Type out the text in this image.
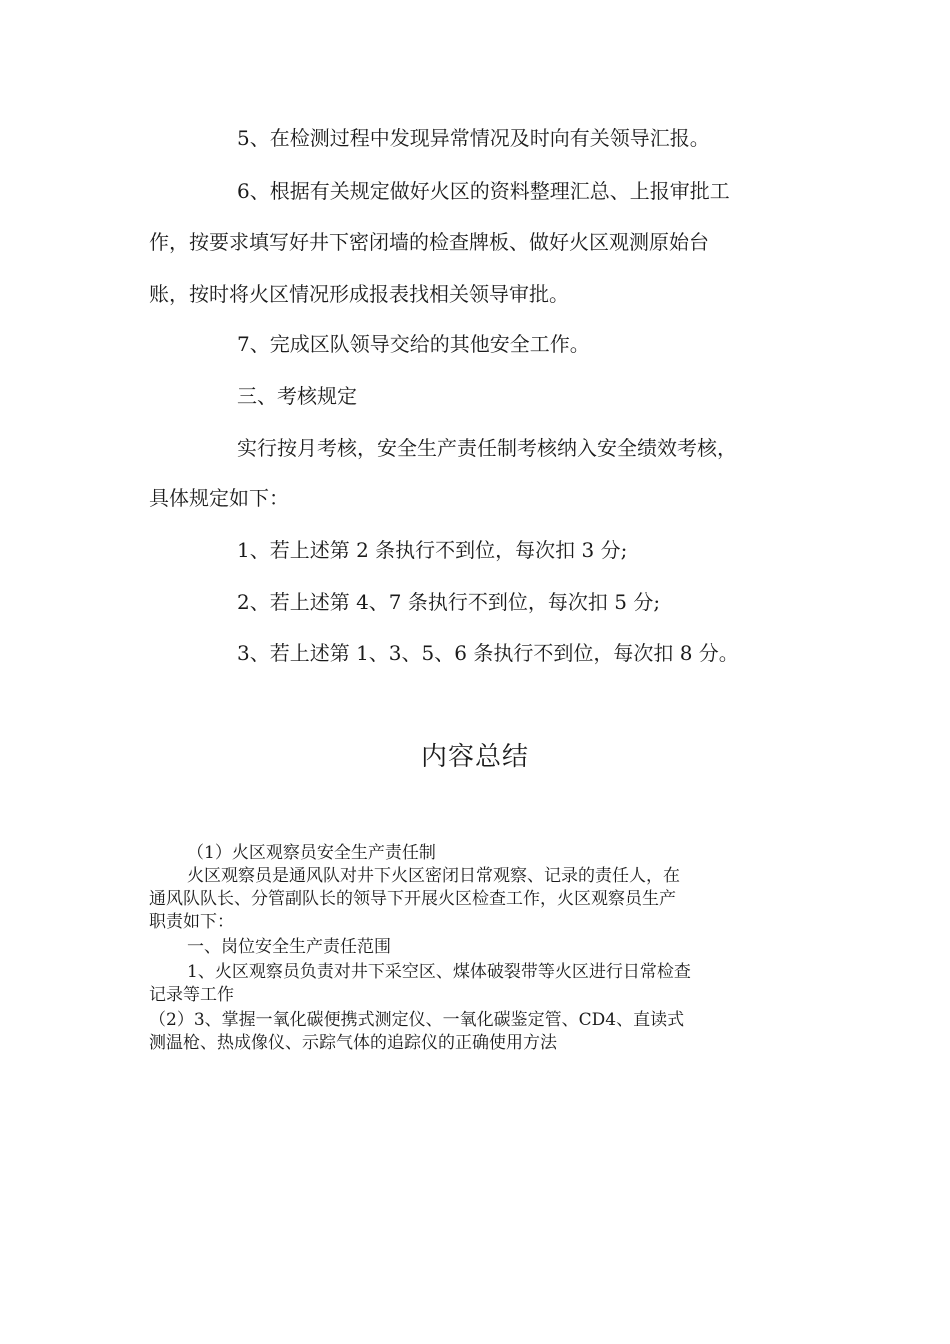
5、在检测过程中发现异常情况及时向有关领导汇报。
6、根据有关规定做好火区的资料整理汇总、上报审批工
作，按要求填写好井下密闭墙的检查牌板、做好火区观测原始台
账，按时将火区情况形成报表找相关领导审批。
7、完成区队领导交给的其他安全工作。
三、考核规定
实行按月考核，安全生产责任制考核纳入安全绩效考核，
具体规定如下：
1、若上述第 2 条执行不到位，每次扣 3 分;
2、若上述第 4、7 条执行不到位，每次扣 5 分;
3、若上述第 1、3、5、6 条执行不到位，每次扣 8 分。
内容总结
（1）火区观察员安全生产责任制
火区观察员是通风队对井下火区密闭日常观察、记录的责任人，在
通风队队长、分管副队长的领导下开展火区检查工作，火区观察员生产
职责如下：
一、岗位安全生产责任范围
1、火区观察员负责对井下采空区、煤体破裂带等火区进行日常检查
记录等工作
（2）3、掌握一氧化碳便携式测定仪、一氧化碳鉴定管、CD4、直读式
测温枪、热成像仪、示踪气体的追踪仪的正确使用方法
